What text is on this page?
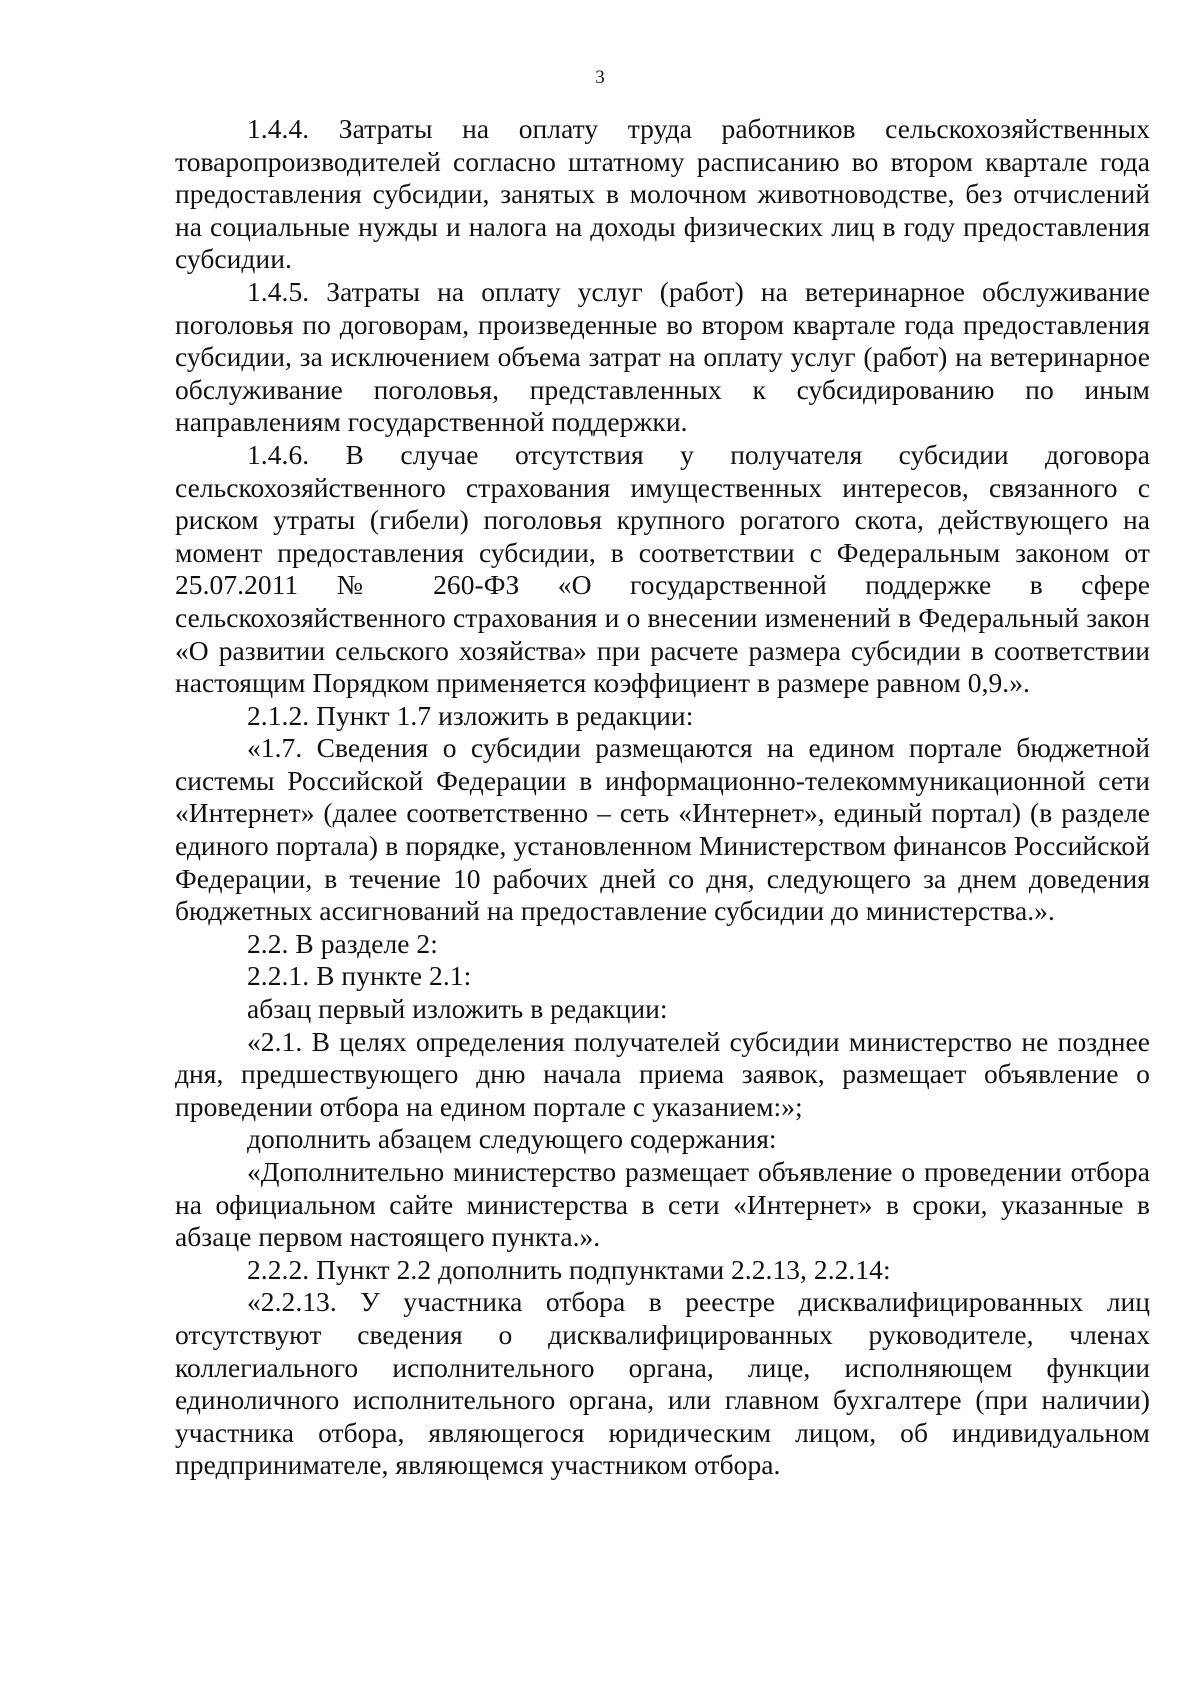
3

1.4.4. Затраты на оплату труда работников сельскохозяйственных товаропроизводителей согласно штатному расписанию во втором квартале года предоставления субсидии, занятых в молочном животноводстве, без отчислений на социальные нужды и налога на доходы физических лиц в году предоставления субсидии.

1.4.5. Затраты на оплату услуг (работ) на ветеринарное обслуживание поголовья по договорам, произведенные во втором квартале года предоставления субсидии, за исключением объема затрат на оплату услуг (работ) на ветеринарное обслуживание поголовья, представленных к субсидированию по иным направлениям государственной поддержки.

1.4.6. В случае отсутствия у получателя субсидии договора сельскохозяйственного страхования имущественных интересов, связанного с риском утраты (гибели) поголовья крупного рогатого скота, действующего на момент предоставления субсидии, в соответствии с Федеральным законом от 25.07.2011 № 260-ФЗ «О государственной поддержке в сфере сельскохозяйственного страхования и о внесении изменений в Федеральный закон «О развитии сельского хозяйства» при расчете размера субсидии в соответствии настоящим Порядком применяется коэффициент в размере равном 0,9.».

2.1.2. Пункт 1.7 изложить в редакции:

«1.7. Сведения о субсидии размещаются на едином портале бюджетной системы Российской Федерации в информационно-телекоммуникационной сети «Интернет» (далее соответственно – сеть «Интернет», единый портал) (в разделе единого портала) в порядке, установленном Министерством финансов Российской Федерации, в течение 10 рабочих дней со дня, следующего за днем доведения бюджетных ассигнований на предоставление субсидии до министерства.».

2.2. В разделе 2:

2.2.1. В пункте 2.1:

абзац первый изложить в редакции:

«2.1. В целях определения получателей субсидии министерство не позднее дня, предшествующего дню начала приема заявок, размещает объявление о проведении отбора на едином портале с указанием:»;

дополнить абзацем следующего содержания:

«Дополнительно министерство размещает объявление о проведении отбора на официальном сайте министерства в сети «Интернет» в сроки, указанные в абзаце первом настоящего пункта.».

2.2.2. Пункт 2.2 дополнить подпунктами 2.2.13, 2.2.14:

«2.2.13. У участника отбора в реестре дисквалифицированных лиц отсутствуют сведения о дисквалифицированных руководителе, членах коллегиального исполнительного органа, лице, исполняющем функции единоличного исполнительного органа, или главном бухгалтере (при наличии) участника отбора, являющегося юридическим лицом, об индивидуальном предпринимателе, являющемся участником отбора.
